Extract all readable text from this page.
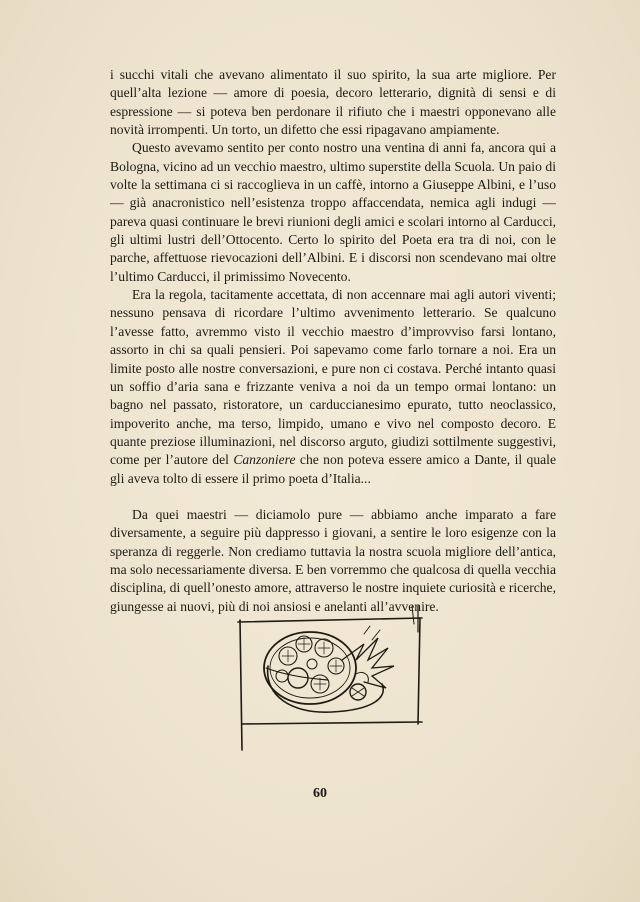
i succhi vitali che avevano alimentato il suo spirito, la sua arte migliore. Per quell’alta lezione — amore di poesia, decoro letterario, dignità di sensi e di espressione — si poteva ben perdonare il rifiuto che i maestri opponevano alle novità irrompenti. Un torto, un difetto che essi ripagavano ampiamente.

Questo avevamo sentito per conto nostro una ventina di anni fa, ancora qui a Bologna, vicino ad un vecchio maestro, ultimo superstite della Scuola. Un paio di volte la settimana ci si raccoglieva in un caffè, intorno a Giuseppe Albini, e l’uso — già anacronistico nell’esistenza troppo affaccendata, nemica agli indugi — pareva quasi continuare le brevi riunioni degli amici e scolari intorno al Carducci, gli ultimi lustri dell’Ottocento. Certo lo spirito del Poeta era tra di noi, con le parche, affettuose rievocazioni dell’Albini. E i discorsi non scendevano mai oltre l’ultimo Carducci, il primissimo Novecento.

Era la regola, tacitamente accettata, di non accennare mai agli autori viventi; nessuno pensava di ricordare l’ultimo avvenimento letterario. Se qualcuno l’avesse fatto, avremmo visto il vecchio maestro d’improvviso farsi lontano, assorto in chi sa quali pensieri. Poi sapevamo come farlo tornare a noi. Era un limite posto alle nostre conversazioni, e pure non ci costava. Perché intanto quasi un soffio d’aria sana e frizzante veniva a noi da un tempo ormai lontano: un bagno nel passato, ristoratore, un carduccianesimo epurato, tutto neoclassico, impoverito anche, ma terso, limpido, umano e vivo nel composto decoro. E quante preziose illuminazioni, nel discorso arguto, giudizi sottilmente suggestivi, come per l’autore del Canzoniere che non poteva essere amico a Dante, il quale gli aveva tolto di essere il primo poeta d’Italia...

Da quei maestri — diciamolo pure — abbiamo anche imparato a fare diversamente, a seguire più dappresso i giovani, a sentire le loro esigenze con la speranza di reggerle. Non crediamo tuttavia la nostra scuola migliore dell’antica, ma solo necessariamente diversa. E ben vorremmo che qualcosa di quella vecchia disciplina, di quell’onesto amore, attraverso le nostre inquiete curiosità e ricerche, giungesse ai nuovi, più di noi ansiosi e anelanti all’avvenire.

60
